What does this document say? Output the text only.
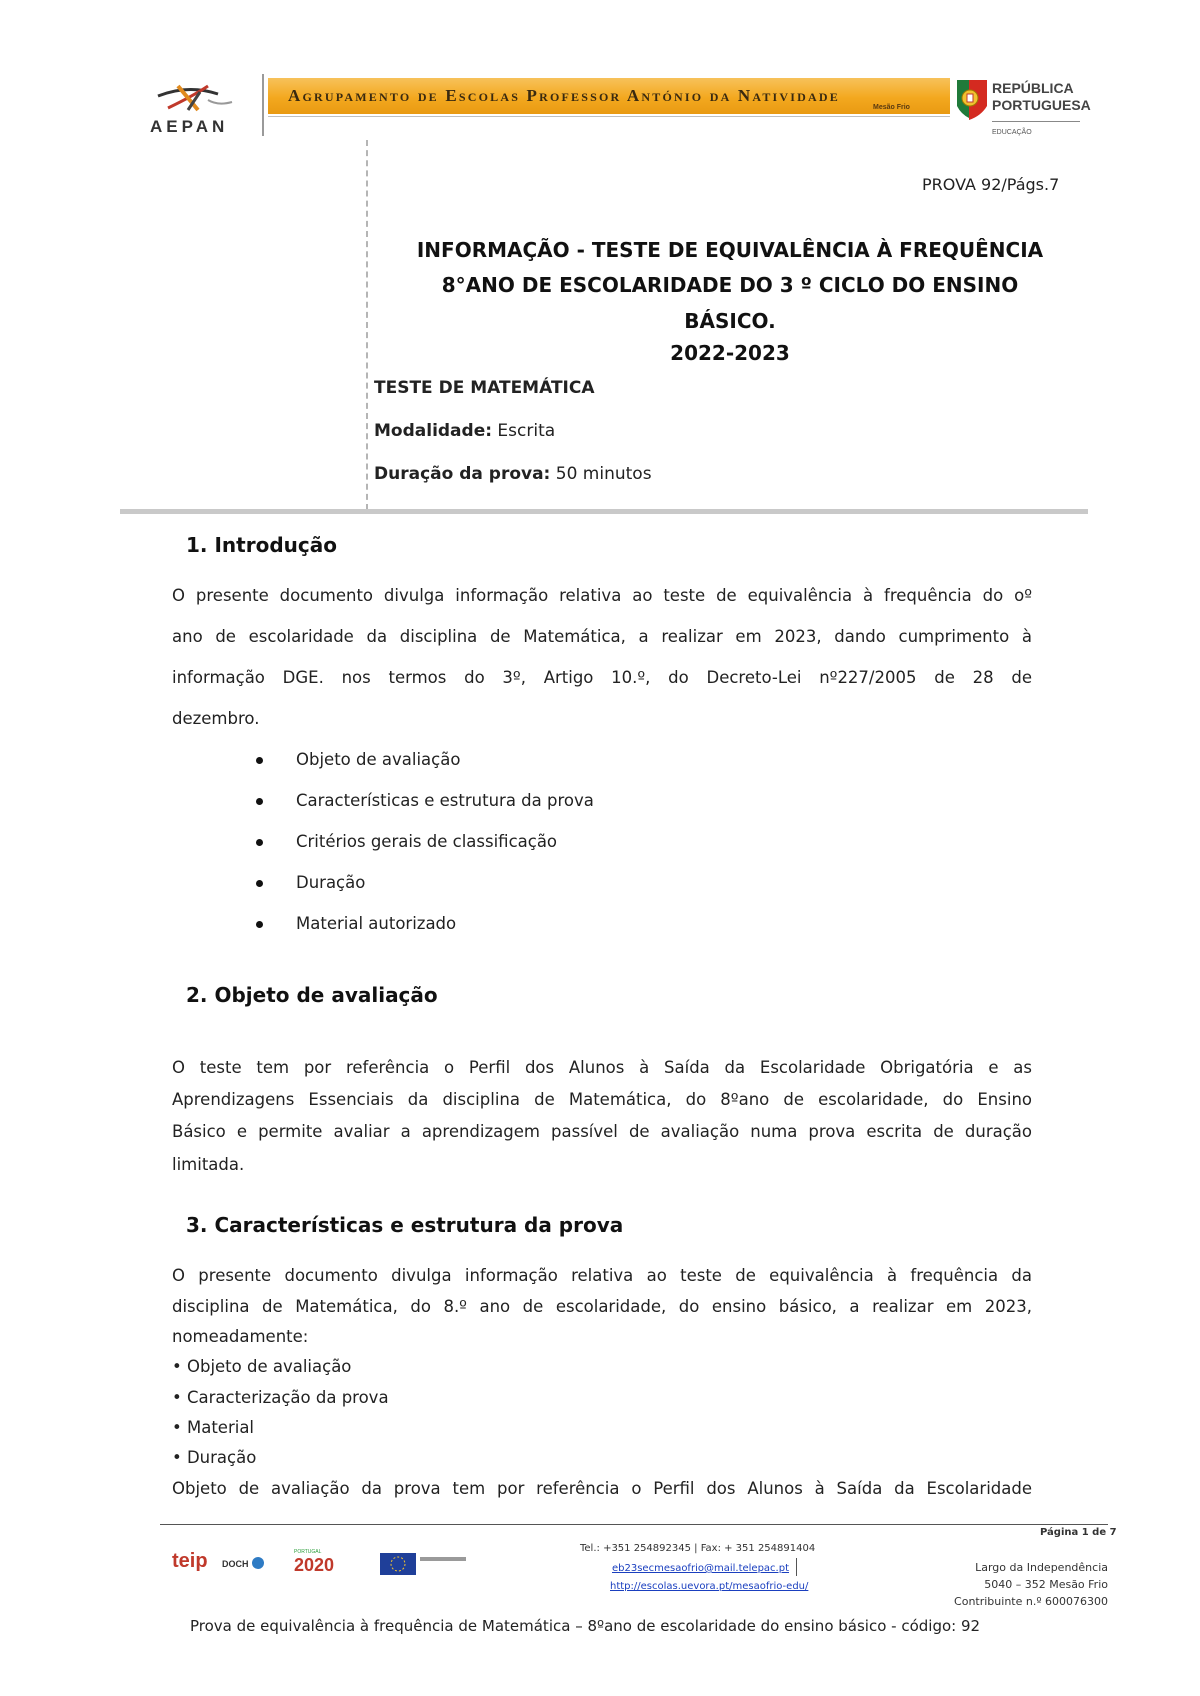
AEPAN
Agrupamento de Escolas Professor António da Natividade
Mesão Frio
REPÚBLICA
PORTUGUESA
EDUCAÇÃO
PROVA 92/Págs.7
INFORMAÇÃO - TESTE DE EQUIVALÊNCIA À FREQUÊNCIA
8°ANO DE ESCOLARIDADE DO 3 º CICLO DO ENSINO
BÁSICO.
2022-2023
TESTE DE MATEMÁTICA
Modalidade: Escrita
Duração da prova: 50 minutos
1. Introdução
O presente documento divulga informação relativa ao teste de equivalência à frequência do oº
ano de escolaridade da disciplina de Matemática, a realizar em 2023, dando cumprimento à
informação DGE. nos termos do 3º, Artigo 10.º, do Decreto-Lei nº227/2005 de 28 de
dezembro.
Objeto de avaliação
Características e estrutura da prova
Critérios gerais de classificação
Duração
Material autorizado
2. Objeto de avaliação
O teste tem por referência o Perfil dos Alunos à Saída da Escolaridade Obrigatória e as
Aprendizagens Essenciais da disciplina de Matemática, do 8ºano de escolaridade, do Ensino
Básico e permite avaliar a aprendizagem passível de avaliação numa prova escrita de duração
limitada.
3. Características e estrutura da prova
O presente documento divulga informação relativa ao teste de equivalência à frequência da
disciplina de Matemática, do 8.º ano de escolaridade, do ensino básico, a realizar em 2023,
nomeadamente:
• Objeto de avaliação
• Caracterização da prova
• Material
• Duração
Objeto de avaliação da prova tem por referência o Perfil dos Alunos à Saída da Escolaridade
Página 1 de 7
teip DOCH
PORTUGAL
2020
Tel.: +351 254892345 | Fax: + 351 254891404
eb23secmesaofrio@mail.telepac.pt
http://escolas.uevora.pt/mesaofrio-edu/
Largo da Independência
5040 – 352 Mesão Frio
Contribuinte n.º 600076300
Prova de equivalência à frequência de Matemática – 8ºano de escolaridade do ensino básico - código: 92
